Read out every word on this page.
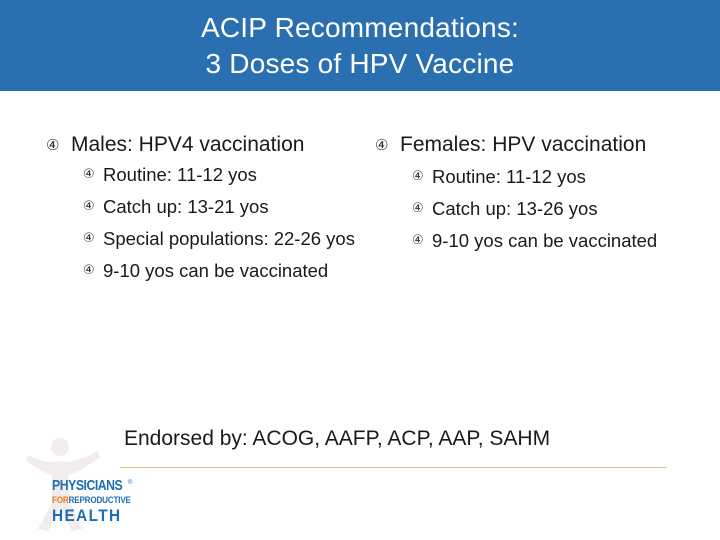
ACIP Recommendations:
3 Doses of HPV Vaccine
④ Males: HPV4 vaccination
④ Routine: 11-12 yos
④ Catch up: 13-21 yos
④ Special populations: 22-26 yos
④ 9-10 yos can be vaccinated
④ Females: HPV vaccination
④ Routine: 11-12 yos
④ Catch up: 13-26 yos
④ 9-10 yos can be vaccinated
Endorsed by: ACOG, AAFP, ACP, AAP, SAHM
PHYSICIANS ®
FORREPRODUCTIVE
HEALTH
